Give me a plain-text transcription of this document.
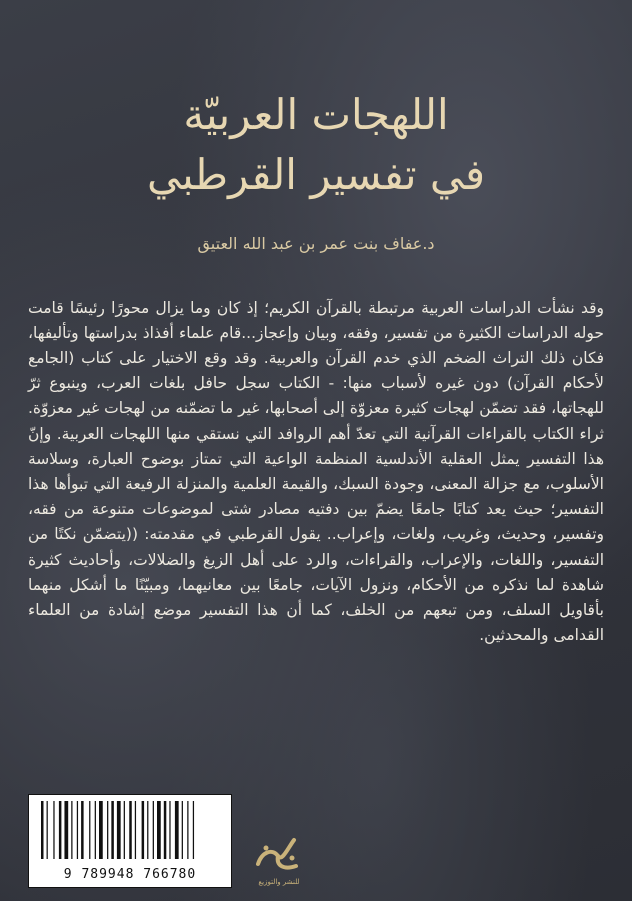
اللهجات العربيّة
في تفسير القرطبي
د.عفاف بنت عمر بن عبد الله العتيق

وقد نشأت الدراسات العربية مرتبطة بالقرآن الكريم؛ إذ كان وما يزال محورًا رئيسًا قامت حوله الدراسات الكثيرة من تفسير، وفقه، وبيان وإعجاز...قام علماء أفذاذ بدراستها وتأليفها، فكان ذلك التراث الضخم الذي خدم القرآن والعربية. وقد وقع الاختيار على كتاب (الجامع لأحكام القرآن) دون غيره لأسباب منها: - الكتاب سجل حافل بلغات العرب، وينبوع ثرّ للهجاتها، فقد تضمّن لهجات كثيرة معزوّة إلى أصحابها، غير ما تضمّنه من لهجات غير معزوّة. ثراء الكتاب بالقراءات القرآنية التي تعدّ أهم الروافد التي نستقي منها اللهجات العربية. وإنّ هذا التفسير يمثل العقلية الأندلسية المنظمة الواعية التي تمتاز بوضوح العبارة، وسلاسة الأسلوب، مع جزالة المعنى، وجودة السبك، والقيمة العلمية والمنزلة الرفيعة التي تبوأها هذا التفسير؛ حيث يعد كتابًا جامعًا يضمّ بين دفتيه مصادر شتى لموضوعات متنوعة من فقه، وتفسير، وحديث، وغريب، ولغات، وإعراب.. يقول القرطبي في مقدمته: ((يتضمّن نكتًا من التفسير، واللغات، والإعراب، والقراءات، والرد على أهل الزيغ والضلالات، وأحاديث كثيرة شاهدة لما نذكره من الأحكام، ونزول الآيات، جامعًا بين معانيهما، ومبيّنًا ما أشكل منهما بأقاويل السلف، ومن تبعهم من الخلف، كما أن هذا التفسير موضع إشادة من العلماء القدامى والمحدثين.

9 789948 766780	للنشر والتوزيع
